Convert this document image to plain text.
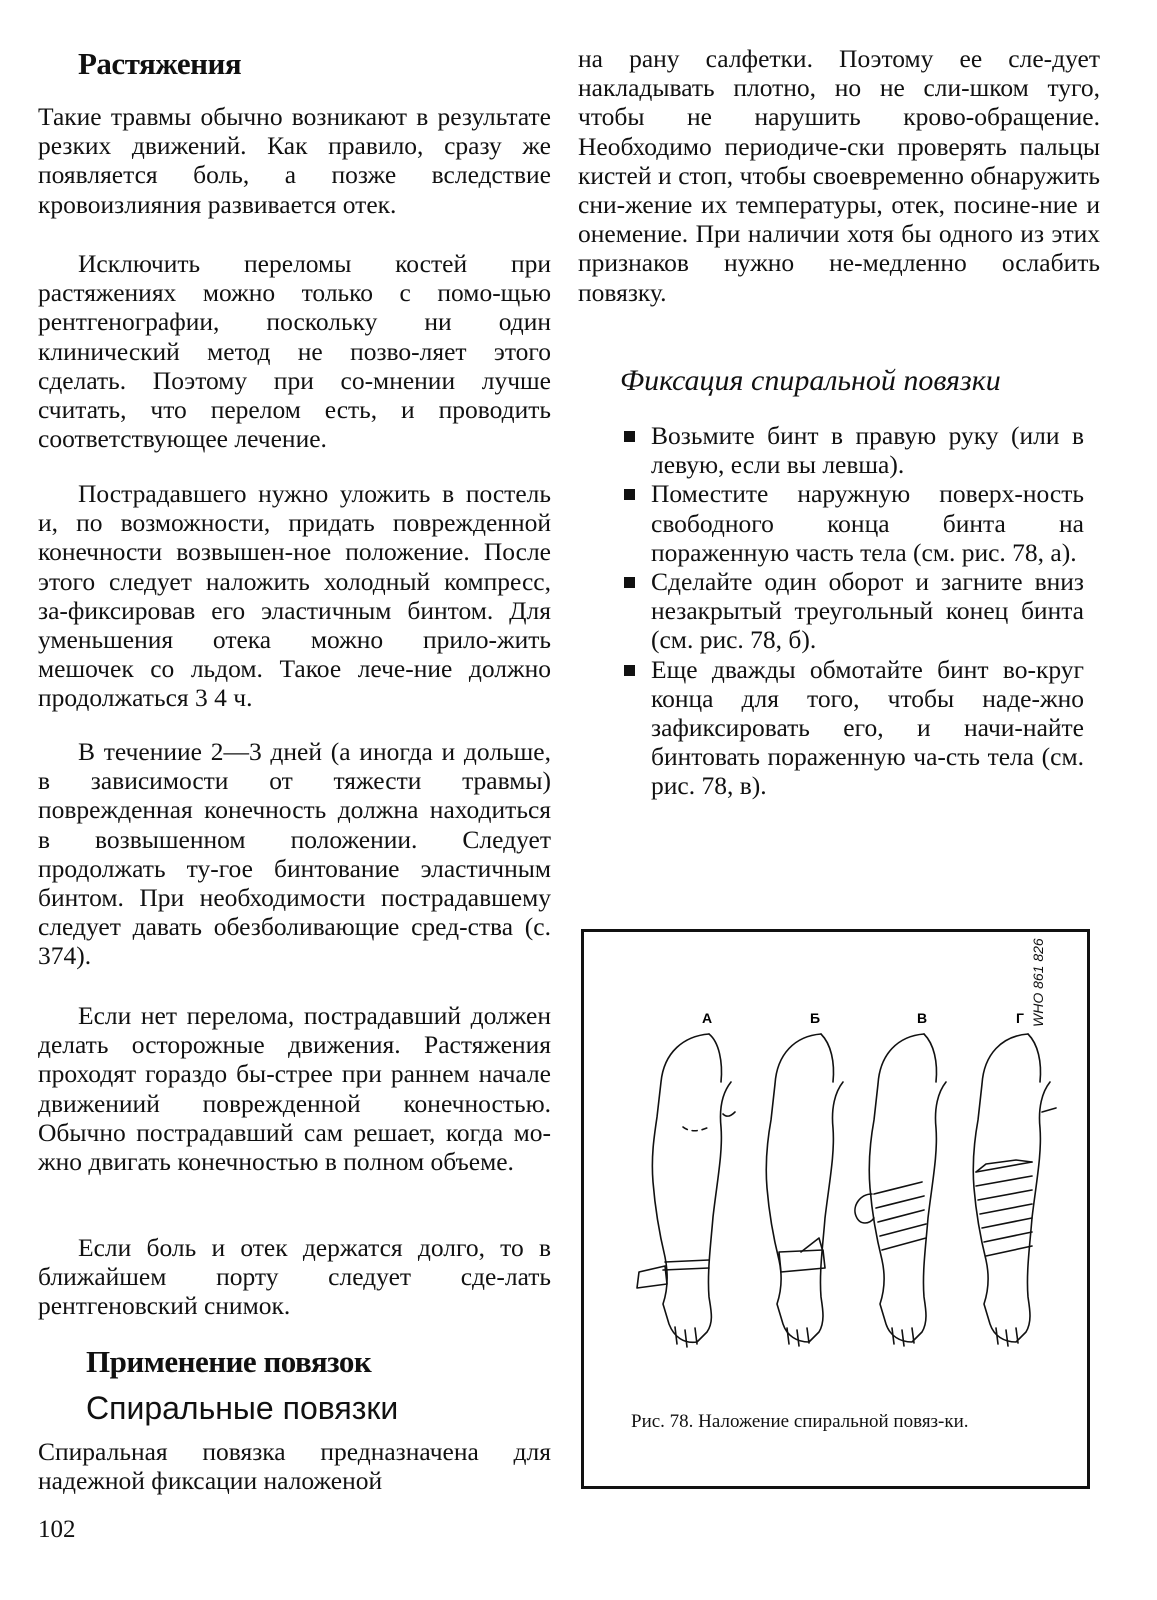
Растяжения

Такие травмы обычно возникают в результате резких движений. Как правило, сразу же появляется боль, а позже вследствие кровоизлияния развивается отек.

Исключить переломы костей при растяжениях можно только с помо-щью рентгенографии, поскольку ни один клинический метод не позво-ляет этого сделать. Поэтому при со-мнении лучше считать, что перелом есть, и проводить соответствующее лечение.

Пострадавшего нужно уложить в постель и, по возможности, придать поврежденной конечности возвышен-ное положение. После этого следует наложить холодный компресс, за-фиксировав его эластичным бинтом. Для уменьшения отека можно прило-жить мешочек со льдом. Такое лече-ние должно продолжаться 3 4 ч.

В течениие 2—3 дней (а иногда и дольше, в зависимости от тяжести травмы) поврежденная конечность должна находиться в возвышенном положении. Следует продолжать ту-гое бинтование эластичным бинтом. При необходимости пострадавшему следует давать обезболивающие сред-ства (с. 374).

Если нет перелома, пострадавший должен делать осторожные движения. Растяжения проходят гораздо бы-стрее при раннем начале движениий поврежденной конечностью. Обычно пострадавший сам решает, когда мо-жно двигать конечностью в полном объеме.

Если боль и отек держатся долго, то в ближайшем порту следует сде-лать рентгеновский снимок.

Применение повязок
Спиральные повязки

Спиральная повязка предназначена для надежной фиксации наложеной

на рану салфетки. Поэтому ее сле-дует накладывать плотно, но не сли-шком туго, чтобы не нарушить крово-обращение. Необходимо периодиче-ски проверять пальцы кистей и стоп, чтобы своевременно обнаружить сни-жение их температуры, отек, посине-ние и онемение. При наличии хотя бы одного из этих признаков нужно не-медленно ослабить повязку.

Фиксация спиральной повязки
Возьмите бинт в правую руку (или в левую, если вы левша).
Поместите наружную поверх-ность свободного конца бинта на пораженную часть тела (см. рис. 78, а).
Сделайте один оборот и загните вниз незакрытый треугольный конец бинта (см. рис. 78, б).
Еще дважды обмотайте бинт во-круг конца для того, чтобы наде-жно зафиксировать его, и начи-найте бинтовать пораженную ча-сть тела (см. рис. 78, в).
А	Б	В	Г WHO 861 826
Рис. 78. Наложение спиральной повяз-ки.
102
